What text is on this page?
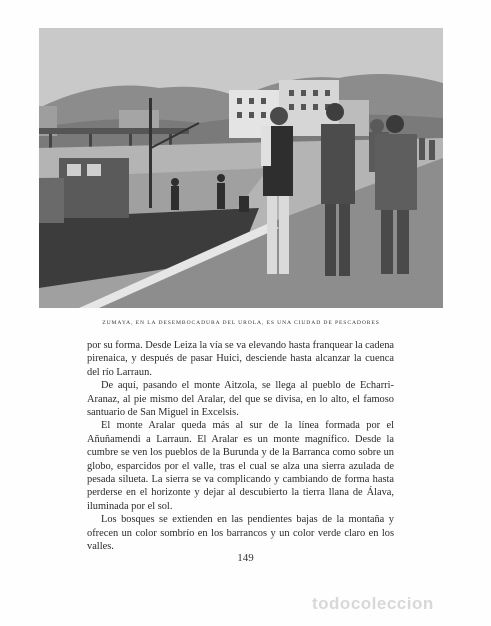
ZUMAYA, EN LA DESEMBOCADURA DEL UROLA, ES UNA CIUDAD DE PESCADORES

por su forma. Desde Leiza la vía se va elevando hasta franquear la cadena pirenaica, y después de pasar Huici, desciende hasta alcanzar la cuenca del río Larraun.

De aquí, pasando el monte Aitzola, se llega al pueblo de Echarri-Aranaz, al pie mismo del Aralar, del que se divisa, en lo alto, el famoso santuario de San Miguel in Excelsis.

El monte Aralar queda más al sur de la línea formada por el Añuñamendi a Larraun. El Aralar es un monte magnífico. Desde la cumbre se ven los pueblos de la Burunda y de la Barranca como sobre un globo, esparcidos por el valle, tras el cual se alza una sierra azulada de pesada silueta. La sierra se va complicando y cambiando de forma hasta perderse en el horizonte y dejar al descubierto la tierra llana de Álava, iluminada por el sol.

Los bosques se extienden en las pendientes bajas de la montaña y ofrecen un color sombrío en los barrancos y un color verde claro en los valles.

149
todocoleccion
